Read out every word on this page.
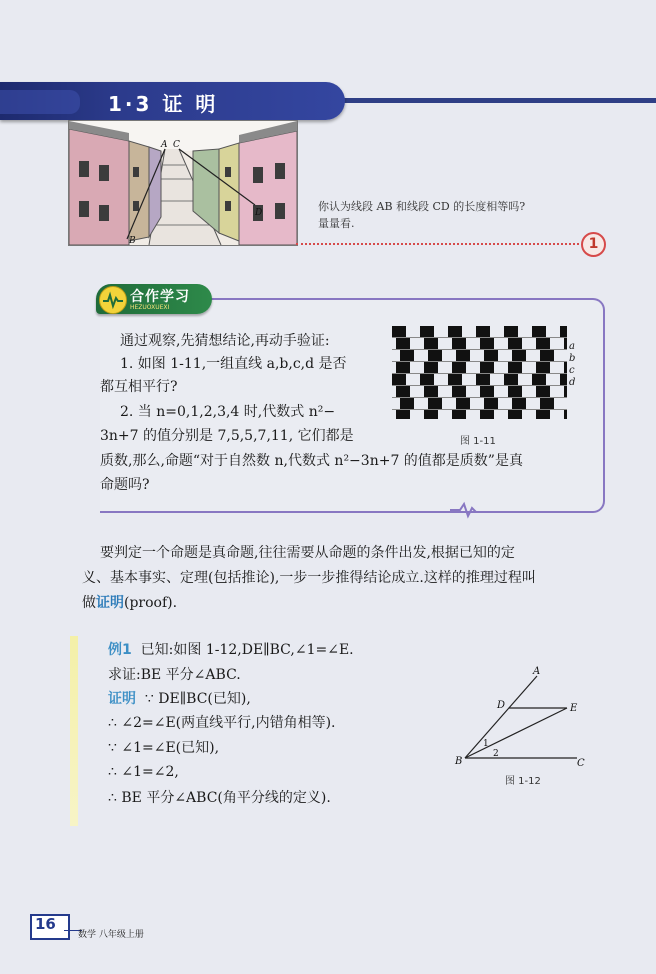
1·3 证 明
B
A C
D	你认为线段 AB 和线段 CD 的长度相等吗?
量量看.
1
合作学习
HEZUOXUEXI
通过观察,先猜想结论,再动手验证:
1. 如图 1-11,一组直线 a,b,c,d 是否
都互相平行?
2. 当 n=0,1,2,3,4 时,代数式 n²−
3n+7 的值分别是 7,5,5,7,11, 它们都是
质数,那么,命题“对于自然数 n,代数式 n²−3n+7 的值都是质数”是真
命题吗?
a
b
c
d
图 1-11
要判定一个命题是真命题,往往需要从命题的条件出发,根据已知的定
义、基本事实、定理(包括推论),一步一步推得结论成立.这样的推理过程叫
做证明(proof).
例1 已知:如图 1-12,DE∥BC,∠1=∠E.
求证:BE 平分∠ABC.
证明 ∵ DE∥BC(已知),
∴ ∠2=∠E(两直线平行,内错角相等).
∵ ∠1=∠E(已知),
∴ ∠1=∠2,
∴ BE 平分∠ABC(角平分线的定义).
A
D	E
B	C
1
2
图 1-12
16
数学 八年级上册
